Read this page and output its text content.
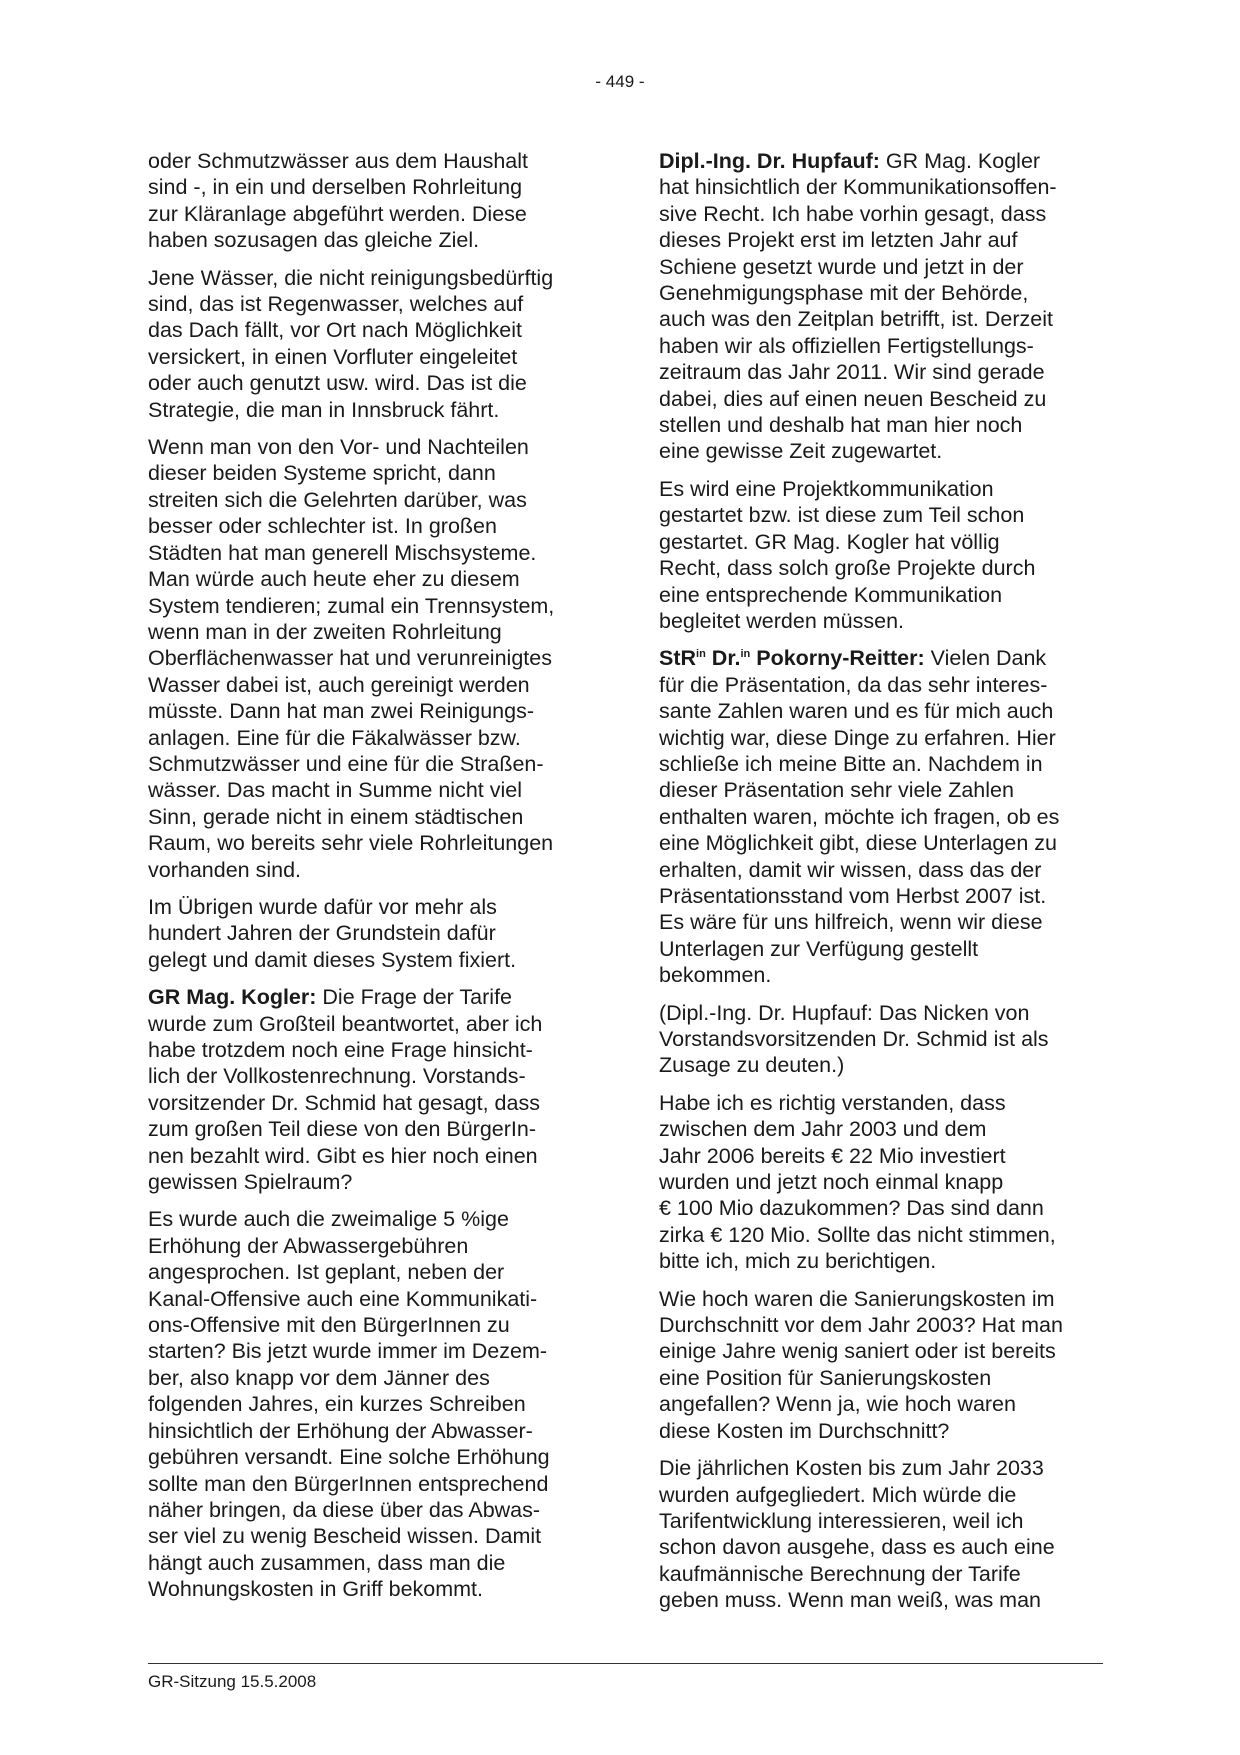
- 449 -

oder Schmutzwässer aus dem Haushalt
sind -, in ein und derselben Rohrleitung
zur Kläranlage abgeführt werden. Diese
haben sozusagen das gleiche Ziel.

Jene Wässer, die nicht reinigungsbedürftig
sind, das ist Regenwasser, welches auf
das Dach fällt, vor Ort nach Möglichkeit
versickert, in einen Vorfluter eingeleitet
oder auch genutzt usw. wird. Das ist die
Strategie, die man in Innsbruck fährt.

Wenn man von den Vor- und Nachteilen
dieser beiden Systeme spricht, dann
streiten sich die Gelehrten darüber, was
besser oder schlechter ist. In großen
Städten hat man generell Mischsysteme.
Man würde auch heute eher zu diesem
System tendieren; zumal ein Trennsystem,
wenn man in der zweiten Rohrleitung
Oberflächenwasser hat und verunreinigtes
Wasser dabei ist, auch gereinigt werden
müsste. Dann hat man zwei Reinigungs-
anlagen. Eine für die Fäkalwässer bzw.
Schmutzwässer und eine für die Straßen-
wässer. Das macht in Summe nicht viel
Sinn, gerade nicht in einem städtischen
Raum, wo bereits sehr viele Rohrleitungen
vorhanden sind.

Im Übrigen wurde dafür vor mehr als
hundert Jahren der Grundstein dafür
gelegt und damit dieses System fixiert.

GR Mag. Kogler: Die Frage der Tarife
wurde zum Großteil beantwortet, aber ich
habe trotzdem noch eine Frage hinsicht-
lich der Vollkostenrechnung. Vorstands-
vorsitzender Dr. Schmid hat gesagt, dass
zum großen Teil diese von den BürgerIn-
nen bezahlt wird. Gibt es hier noch einen
gewissen Spielraum?

Es wurde auch die zweimalige 5 %ige
Erhöhung der Abwassergebühren
angesprochen. Ist geplant, neben der
Kanal-Offensive auch eine Kommunikati-
ons-Offensive mit den BürgerInnen zu
starten? Bis jetzt wurde immer im Dezem-
ber, also knapp vor dem Jänner des
folgenden Jahres, ein kurzes Schreiben
hinsichtlich der Erhöhung der Abwasser-
gebühren versandt. Eine solche Erhöhung
sollte man den BürgerInnen entsprechend
näher bringen, da diese über das Abwas-
ser viel zu wenig Bescheid wissen. Damit
hängt auch zusammen, dass man die
Wohnungskosten in Griff bekommt.

Dipl.-Ing. Dr. Hupfauf: GR Mag. Kogler
hat hinsichtlich der Kommunikationsoffen-
sive Recht. Ich habe vorhin gesagt, dass
dieses Projekt erst im letzten Jahr auf
Schiene gesetzt wurde und jetzt in der
Genehmigungsphase mit der Behörde,
auch was den Zeitplan betrifft, ist. Derzeit
haben wir als offiziellen Fertigstellungs-
zeitraum das Jahr 2011. Wir sind gerade
dabei, dies auf einen neuen Bescheid zu
stellen und deshalb hat man hier noch
eine gewisse Zeit zugewartet.

Es wird eine Projektkommunikation
gestartet bzw. ist diese zum Teil schon
gestartet. GR Mag. Kogler hat völlig
Recht, dass solch große Projekte durch
eine entsprechende Kommunikation
begleitet werden müssen.

StR$^{in}$ Dr.$^{in}$ Pokorny-Reitter: Vielen Dank
für die Präsentation, da das sehr interes-
sante Zahlen waren und es für mich auch
wichtig war, diese Dinge zu erfahren. Hier
schließe ich meine Bitte an. Nachdem in
dieser Präsentation sehr viele Zahlen
enthalten waren, möchte ich fragen, ob es
eine Möglichkeit gibt, diese Unterlagen zu
erhalten, damit wir wissen, dass das der
Präsentationsstand vom Herbst 2007 ist.
Es wäre für uns hilfreich, wenn wir diese
Unterlagen zur Verfügung gestellt
bekommen.

(Dipl.-Ing. Dr. Hupfauf: Das Nicken von
Vorstandsvorsitzenden Dr. Schmid ist als
Zusage zu deuten.)

Habe ich es richtig verstanden, dass
zwischen dem Jahr 2003 und dem
Jahr 2006 bereits € 22 Mio investiert
wurden und jetzt noch einmal knapp
€ 100 Mio dazukommen? Das sind dann
zirka € 120 Mio. Sollte das nicht stimmen,
bitte ich, mich zu berichtigen.

Wie hoch waren die Sanierungskosten im
Durchschnitt vor dem Jahr 2003? Hat man
einige Jahre wenig saniert oder ist bereits
eine Position für Sanierungskosten
angefallen? Wenn ja, wie hoch waren
diese Kosten im Durchschnitt?

Die jährlichen Kosten bis zum Jahr 2033
wurden aufgegliedert. Mich würde die
Tarifentwicklung interessieren, weil ich
schon davon ausgehe, dass es auch eine
kaufmännische Berechnung der Tarife
geben muss. Wenn man weiß, was man

GR-Sitzung 15.5.2008
